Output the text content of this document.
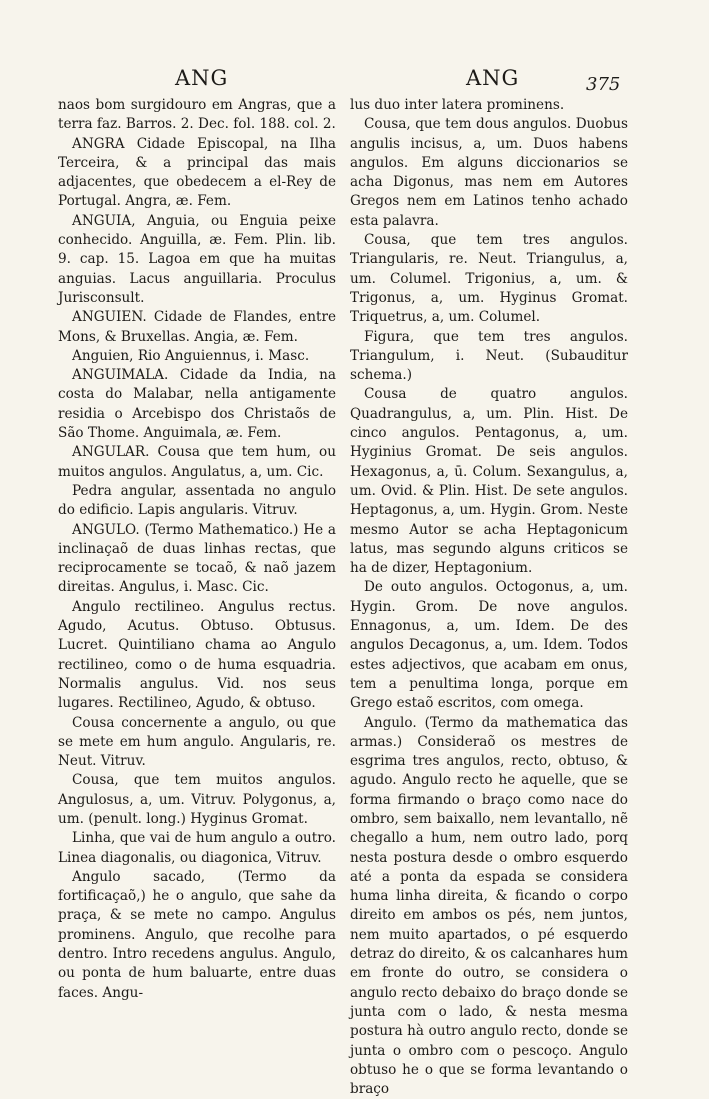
ANG	ANG	375

naos bom surgidouro em Angras, que a terra faz. Barros. 2. Dec. fol. 188. col. 2.

ANGRA Cidade Episcopal, na Ilha Terceira, & a principal das mais adjacentes, que obedecem a el-Rey de Portugal. Angra, æ. Fem.

ANGUIA, Anguia, ou Enguia peixe conhecido. Anguilla, æ. Fem. Plin. lib. 9. cap. 15. Lagoa em que ha muitas anguias. Lacus anguillaria. Proculus Jurisconsult.

ANGUIEN. Cidade de Flandes, entre Mons, & Bruxellas. Angia, æ. Fem.

Anguien, Rio Anguiennus, i. Masc.

ANGUIMALA. Cidade da India, na costa do Malabar, nella antigamente residia o Arcebispo dos Christaõs de São Thome. Anguimala, æ. Fem.

ANGULAR. Cousa que tem hum, ou muitos angulos. Angulatus, a, um. Cic.

Pedra angular, assentada no angulo do edificio. Lapis angularis. Vitruv.

ANGULO. (Termo Mathematico.) He a inclinaçaõ de duas linhas rectas, que reciprocamente se tocaõ, & naõ jazem direitas. Angulus, i. Masc. Cic.

Angulo rectilineo. Angulus rectus. Agudo, Acutus. Obtuso. Obtusus. Lucret. Quintiliano chama ao Angulo rectilineo, como o de huma esquadria. Normalis angulus. Vid. nos seus lugares. Rectilineo, Agudo, & obtuso.

Cousa concernente a angulo, ou que se mete em hum angulo. Angularis, re. Neut. Vitruv.

Cousa, que tem muitos angulos. Angulosus, a, um. Vitruv. Polygonus, a, um. (penult. long.) Hyginus Gromat.

Linha, que vai de hum angulo a outro. Linea diagonalis, ou diagonica, Vitruv.

Angulo sacado, (Termo da fortificaçaõ,) he o angulo, que sahe da praça, & se mete no campo. Angulus prominens. Angulo, que recolhe para dentro. Intro recedens angulus. Angulo, ou ponta de hum baluarte, entre duas faces. Angu-

lus duo inter latera prominens.

Cousa, que tem dous angulos. Duobus angulis incisus, a, um. Duos habens angulos. Em alguns diccionarios se acha Digonus, mas nem em Autores Gregos nem em Latinos tenho achado esta palavra.

Cousa, que tem tres angulos. Triangularis, re. Neut. Triangulus, a, um. Columel. Trigonius, a, um. & Trigonus, a, um. Hyginus Gromat. Triquetrus, a, um. Columel.

Figura, que tem tres angulos. Triangulum, i. Neut. (Subauditur schema.)

Cousa de quatro angulos. Quadrangulus, a, um. Plin. Hist. De cinco angulos. Pentagonus, a, um. Hyginius Gromat. De seis angulos. Hexagonus, a, ū. Colum. Sexangulus, a, um. Ovid. & Plin. Hist. De sete angulos. Heptagonus, a, um. Hygin. Grom. Neste mesmo Autor se acha Heptagonicum latus, mas segundo alguns criticos se ha de dizer, Heptagonium.

De outo angulos. Octogonus, a, um. Hygin. Grom. De nove angulos. Ennagonus, a, um. Idem. De des angulos Decagonus, a, um. Idem. Todos estes adjectivos, que acabam em onus, tem a penultima longa, porque em Grego estaõ escritos, com omega.

Angulo. (Termo da mathematica das armas.) Consideraõ os mestres de esgrima tres angulos, recto, obtuso, & agudo. Angulo recto he aquelle, que se forma firmando o braço como nace do ombro, sem baixallo, nem levantallo, nẽ chegallo a hum, nem outro lado, porq nesta postura desde o ombro esquerdo até a ponta da espada se considera huma linha direita, & ficando o corpo direito em ambos os pés, nem juntos, nem muito apartados, o pé esquerdo detraz do direito, & os calcanhares hum em fronte do outro, se considera o angulo recto debaixo do braço donde se junta com o lado, & nesta mesma postura hà outro angulo recto, donde se junta o ombro com o pescoço. Angulo obtuso he o que se forma levantando o braço
